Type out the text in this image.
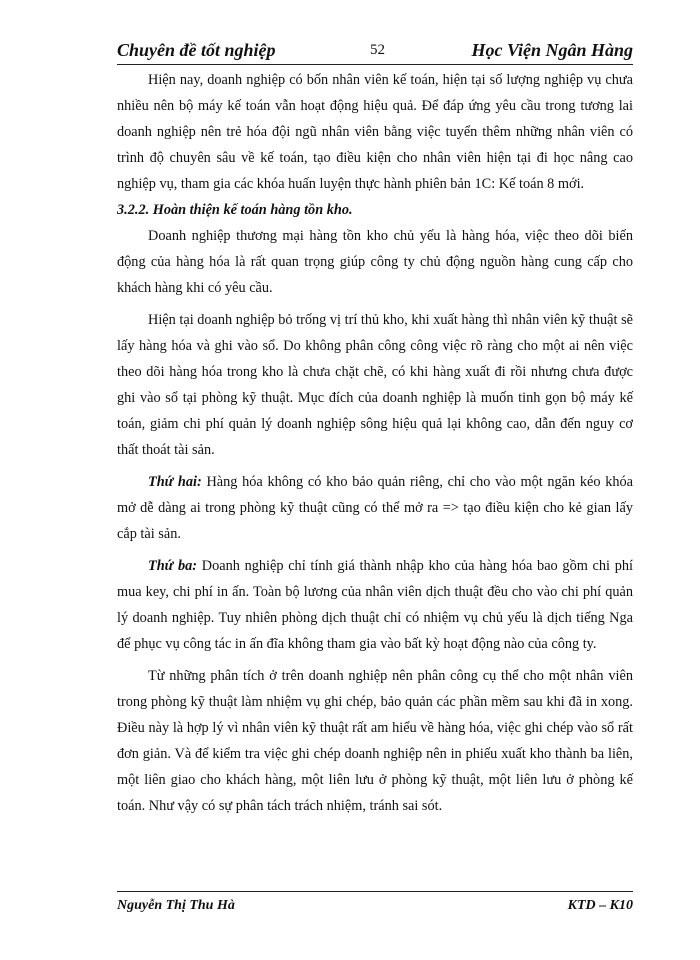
Chuyên đề tốt nghiệp	52	Học Viện Ngân Hàng

Hiện nay, doanh nghiệp có bốn nhân viên kế toán, hiện tại số lượng nghiệp vụ chưa nhiều nên bộ máy kế toán vẫn hoạt động hiệu quả. Để đáp ứng yêu cầu trong tương lai doanh nghiệp nên trẻ hóa đội ngũ nhân viên bằng việc tuyển thêm những nhân viên có trình độ chuyên sâu về kế toán, tạo điều kiện cho nhân viên hiện tại đi học nâng cao nghiệp vụ, tham gia các khóa huấn luyện thực hành phiên bản 1C: Kế toán 8 mới.

3.2.2. Hoàn thiện kế toán hàng tồn kho.

Doanh nghiệp thương mại hàng tồn kho chủ yếu là hàng hóa, việc theo dõi biến động của hàng hóa là rất quan trọng giúp công ty chủ động nguồn hàng cung cấp cho khách hàng khi có yêu cầu.

Hiện tại doanh nghiệp bỏ trống vị trí thủ kho, khi xuất hàng thì nhân viên kỹ thuật sẽ lấy hàng hóa và ghi vào sổ. Do không phân công công việc rõ ràng cho một ai nên việc theo dõi hàng hóa trong kho là chưa chặt chẽ, có khi hàng xuất đi rồi nhưng chưa được ghi vào sổ tại phòng kỹ thuật. Mục đích của doanh nghiệp là muốn tinh gọn bộ máy kế toán, giảm chi phí quản lý doanh nghiệp sông hiệu quả lại không cao, dẫn đến nguy cơ thất thoát tài sản.

Thứ hai: Hàng hóa không có kho bảo quản riêng, chỉ cho vào một ngăn kéo khóa mở dễ dàng ai trong phòng kỹ thuật cũng có thể mở ra => tạo điều kiện cho kẻ gian lấy cắp tài sản.

Thứ ba: Doanh nghiệp chỉ tính giá thành nhập kho của hàng hóa bao gồm chi phí mua key, chi phí in ấn. Toàn bộ lương của nhân viên dịch thuật đều cho vào chi phí quản lý doanh nghiệp. Tuy nhiên phòng dịch thuật chỉ có nhiệm vụ chủ yếu là dịch tiếng Nga để phục vụ công tác in ấn đĩa không tham gia vào bất kỳ hoạt động nào của công ty.

Từ những phân tích ở trên doanh nghiệp nên phân công cụ thể cho một nhân viên trong phòng kỹ thuật làm nhiệm vụ ghi chép, bảo quản các phần mềm sau khi đã in xong. Điều này là hợp lý vì nhân viên kỹ thuật rất am hiểu về hàng hóa, việc ghi chép vào sổ rất đơn giản. Và để kiểm tra việc ghi chép doanh nghiệp nên in phiếu xuất kho thành ba liên, một liên giao cho khách hàng, một liên lưu ở phòng kỹ thuật, một liên lưu ở phòng kế toán. Như vậy có sự phân tách trách nhiệm, tránh sai sót.

Nguyễn Thị Thu Hà	KTD – K10
